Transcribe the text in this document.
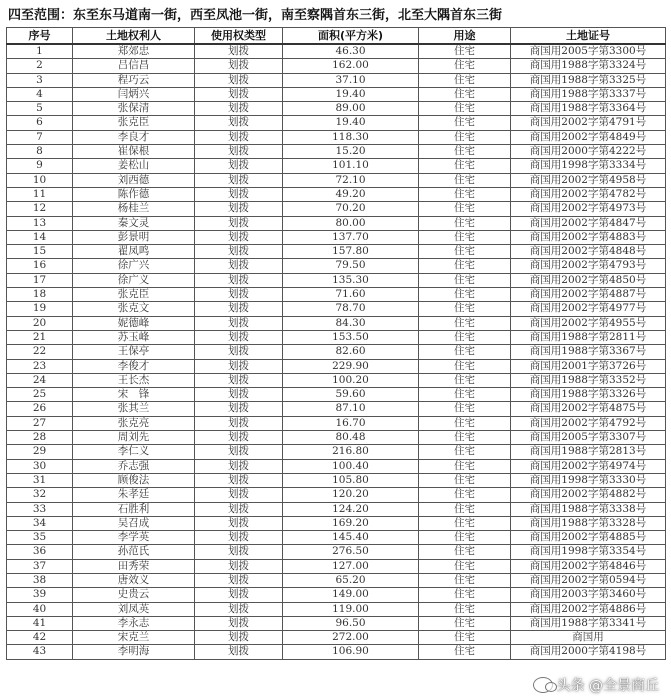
四至范围：东至东马道南一街，西至凤池一街，南至察隅首东三街，北至大隅首东三街
序号	土地权利人	使用权类型	面积(平方米)	用途	土地证号
1	郑郊忠	划拨	46.30	住宅	商国用2005字第3300号
2	吕信昌	划拨	162.00	住宅	商国用1988字第3324号
3	程巧云	划拨	37.10	住宅	商国用1988字第3325号
4	闫炳兴	划拨	19.40	住宅	商国用1988字第3337号
5	张保清	划拨	89.00	住宅	商国用1988字第3364号
6	张克臣	划拨	19.40	住宅	商国用2002字第4791号
7	李良才	划拨	118.30	住宅	商国用2002字第4849号
8	崔保根	划拨	15.20	住宅	商国用2000字第4222号
9	姜松山	划拨	101.10	住宅	商国用1998字第3334号
10	刘西德	划拨	72.10	住宅	商国用2002字第4958号
11	陈作德	划拨	49.20	住宅	商国用2002字第4782号
12	杨桂兰	划拨	70.20	住宅	商国用2002字第4973号
13	秦文灵	划拨	80.00	住宅	商国用2002字第4847号
14	彭景明	划拨	137.70	住宅	商国用2002字第4883号
15	翟凤鸣	划拨	157.80	住宅	商国用2002字第4848号
16	徐广兴	划拨	79.50	住宅	商国用2002字第4793号
17	徐广义	划拨	135.30	住宅	商国用2002字第4850号
18	张克臣	划拨	71.60	住宅	商国用2002字第4887号
19	张克文	划拨	78.70	住宅	商国用2002字第4977号
20	妮德峰	划拨	84.30	住宅	商国用2002字第4955号
21	苏玉峰	划拨	153.50	住宅	商国用1988字第2811号
22	王保亭	划拨	82.60	住宅	商国用1988字第3367号
23	李俊才	划拨	229.90	住宅	商国用2001字第3726号
24	王长杰	划拨	100.20	住宅	商国用1988字第3352号
25	宋　锋	划拨	59.60	住宅	商国用1988字第3326号
26	张其兰	划拨	87.10	住宅	商国用2002字第4875号
27	张克亮	划拨	16.70	住宅	商国用2002字第4792号
28	周刘先	划拨	80.48	住宅	商国用2005字第3307号
29	李仁义	划拨	216.80	住宅	商国用1988字第2813号
30	乔志强	划拨	100.40	住宅	商国用2002字第4974号
31	顾俊法	划拨	105.80	住宅	商国用1998字第3330号
32	朱孝廷	划拨	120.20	住宅	商国用2002字第4882号
33	石胜利	划拨	124.20	住宅	商国用1988字第3338号
34	吴召成	划拨	169.20	住宅	商国用1988字第3328号
35	李学英	划拨	145.40	住宅	商国用2002字第4885号
36	孙范氏	划拨	276.50	住宅	商国用1998字第3354号
37	田秀荣	划拨	127.00	住宅	商国用2002字第4846号
38	唐效义	划拨	65.20	住宅	商国用2002字第0594号
39	史贵云	划拨	149.00	住宅	商国用2003字第3460号
40	刘凤英	划拨	119.00	住宅	商国用2002字第4886号
41	李永志	划拨	96.50	住宅	商国用1988字第3341号
42	宋克兰	划拨	272.00	住宅	商国用
43	李明海	划拨	106.90	住宅	商国用2000字第4198号
头条 @全景商丘
